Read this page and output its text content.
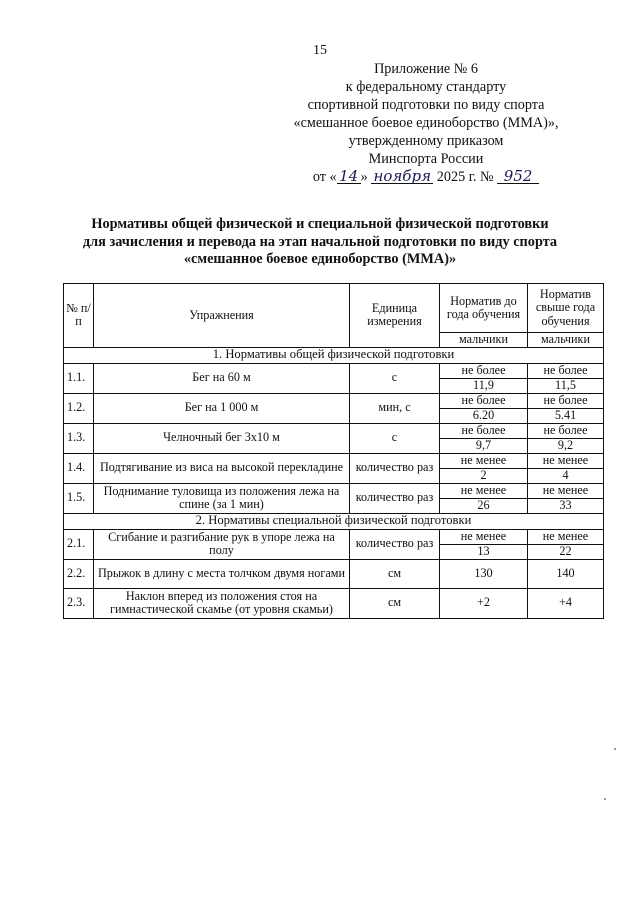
15
Приложение № 6
к федеральному стандарту
спортивной подготовки по виду спорта
«смешанное боевое единоборство (ММА)»,
утвержденному приказом
Минспорта России
от « 14 » ноября 2025 г. № 952
Нормативы общей физической и специальной физической подготовки
для зачисления и перевода на этап начальной подготовки по виду спорта
«смешанное боевое единоборство (ММА)»
№ п/п	Упражнения	Единица измерения	Норматив до года обучения	Норматив свыше года обучения
			мальчики	мальчики
1. Нормативы общей физической подготовки				
1.1.	Бег на 60 м	с	не более	не более
			11,9	11,5
1.2.	Бег на 1 000 м	мин, с	не более	не более
			6.20	5.41
1.3.	Челночный бег 3х10 м	с	не более	не более
			9,7	9,2
1.4.	Подтягивание из виса на высокой перекладине	количество раз	не менее	не менее
			2	4
1.5.	Поднимание туловища из положения лежа на спине (за 1 мин)	количество раз	не менее	не менее
			26	33
2. Нормативы специальной физической подготовки				
2.1.	Сгибание и разгибание рук в упоре лежа на полу	количество раз	не менее	не менее
			13	22
2.2.	Прыжок в длину с места толчком двумя ногами	см	130	140
2.3.	Наклон вперед из положения стоя на гимнастической скамье (от уровня скамьи)	см	+2	+4
